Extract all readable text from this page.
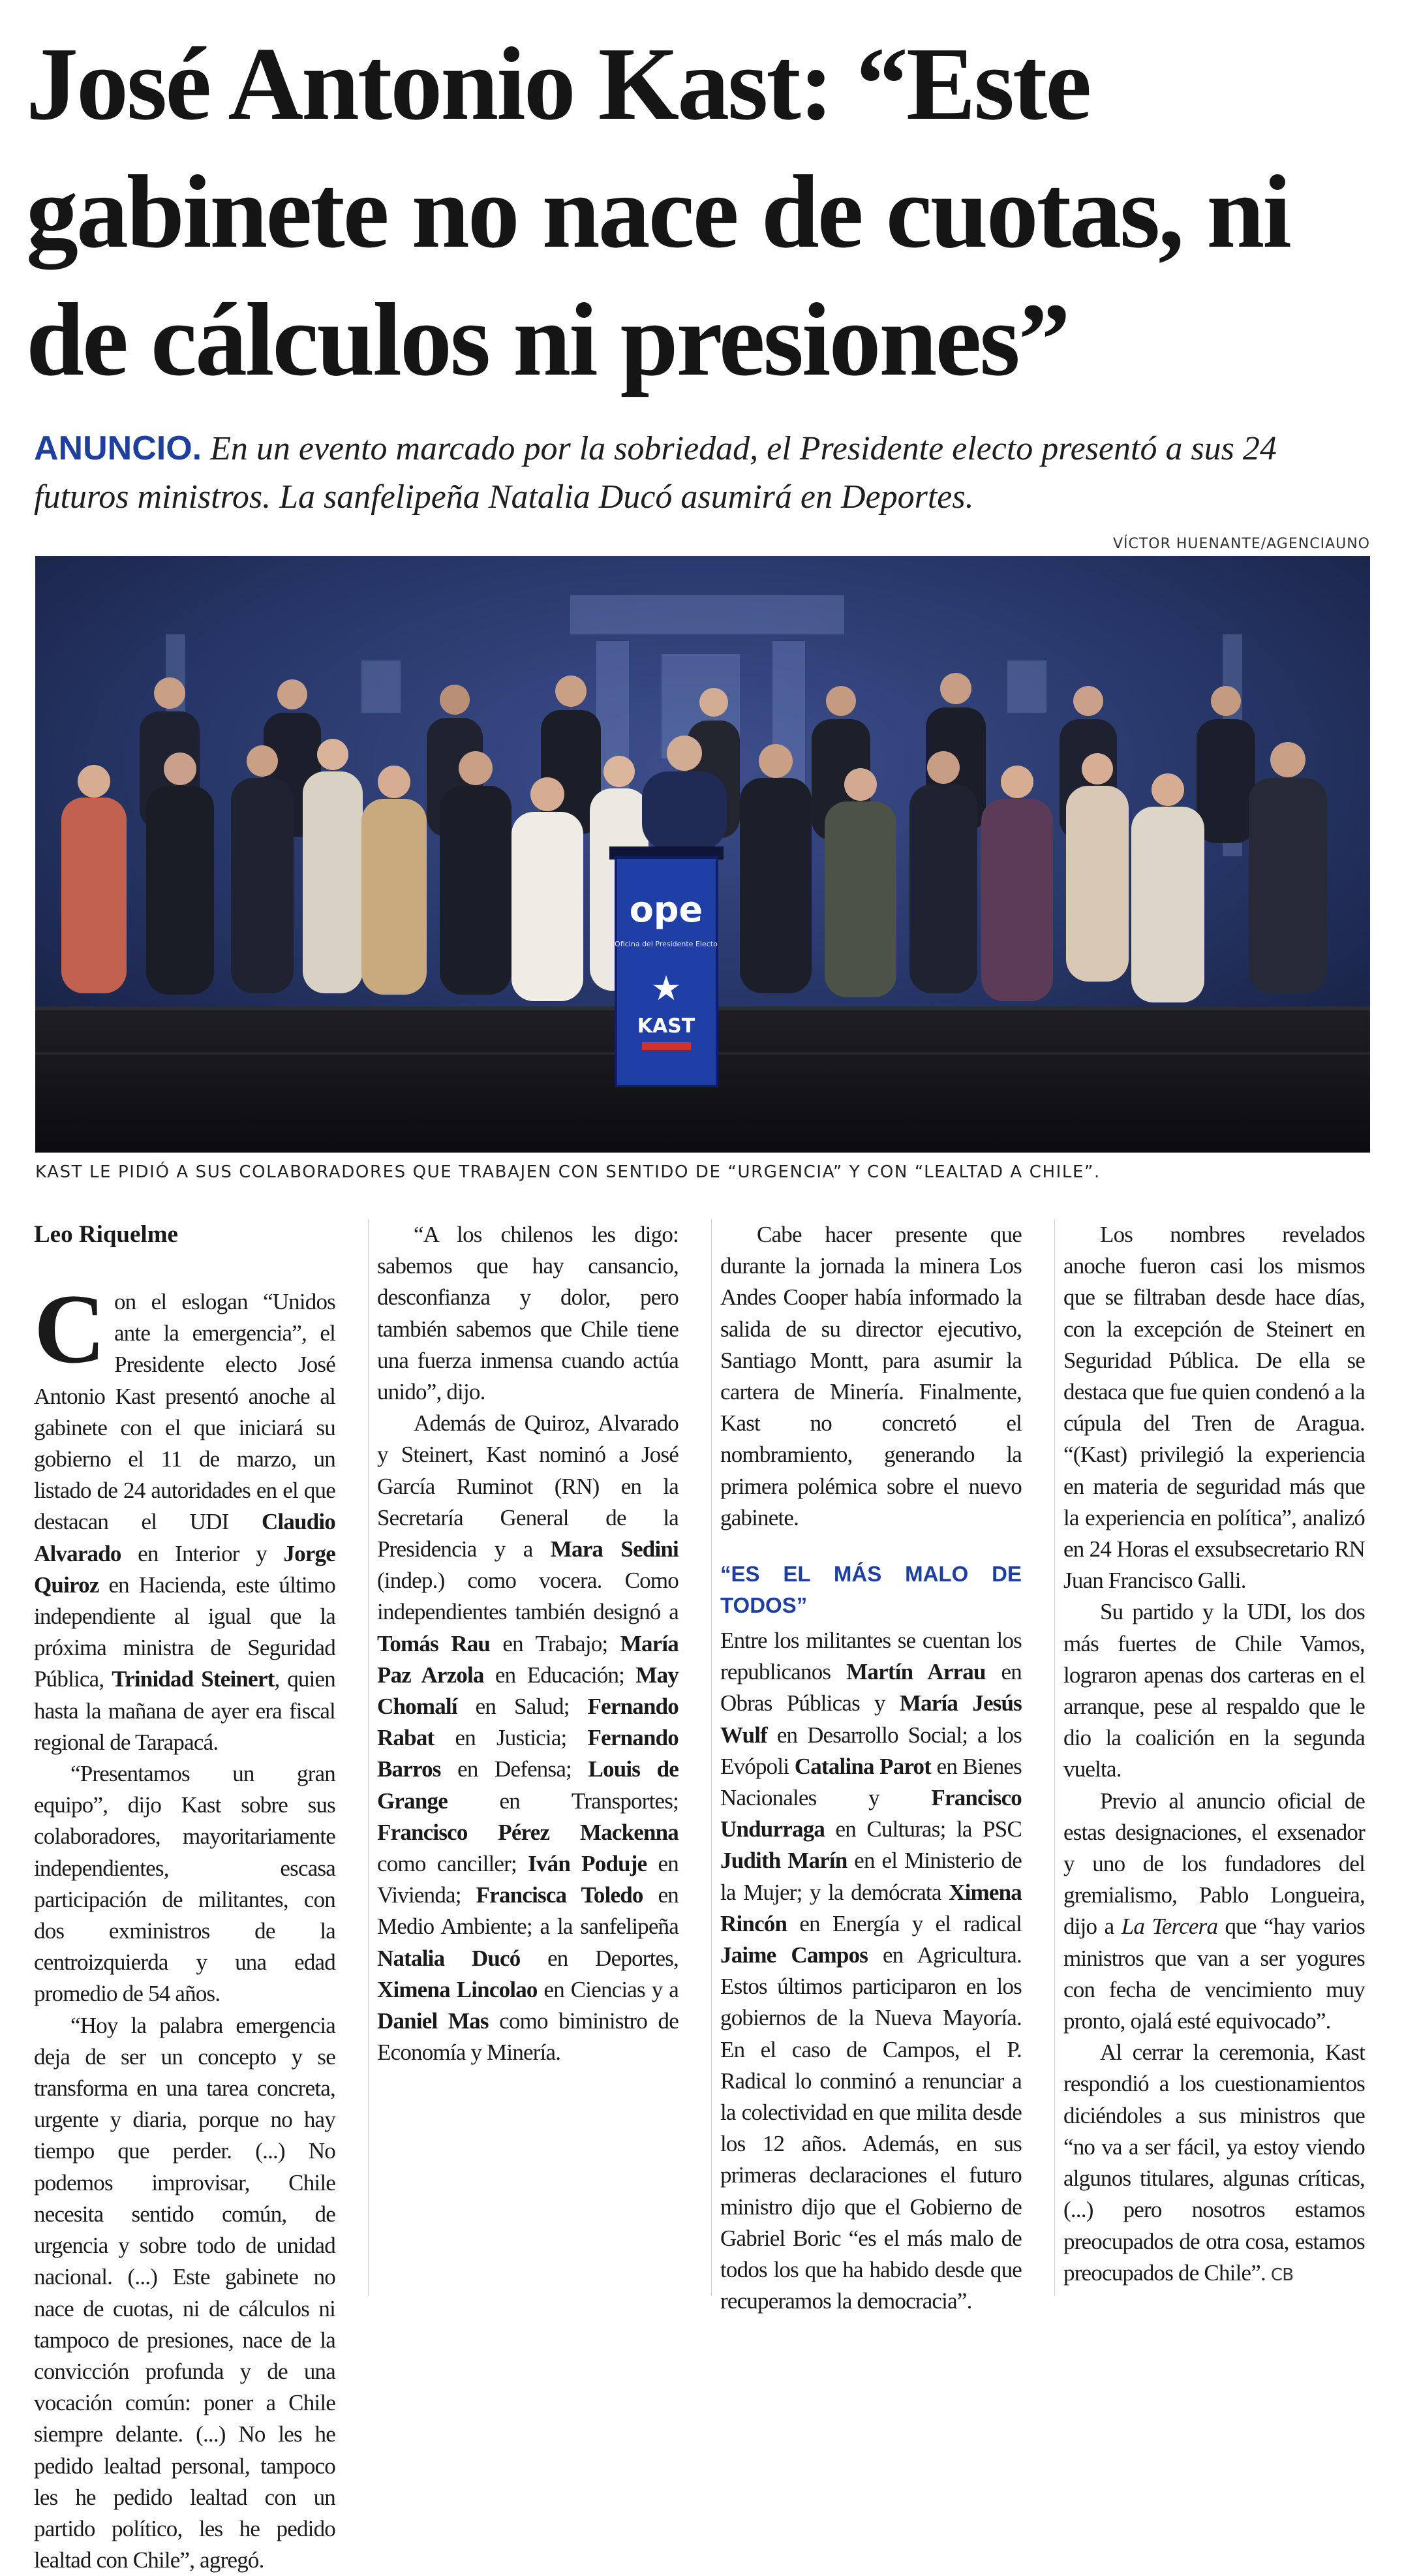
José Antonio Kast: “Este gabinete no nace de cuotas, ni de cálculos ni presiones”

ANUNCIO. En un evento marcado por la sobriedad, el Presidente electo presentó a sus 24 futuros ministros. La sanfelipeña Natalia Ducó asumirá en Deportes.

VÍCTOR HUENANTE/AGENCIAUNO
ope
Oficina del Presidente Electo
★
KAST
KAST LE PIDIÓ A SUS COLABORADORES QUE TRABAJEN CON SENTIDO DE “URGENCIA” Y CON “LEALTAD A CHILE”.

Leo Riquelme

Con el eslogan “Unidos ante la emergencia”, el Presidente electo José Antonio Kast presentó anoche al gabinete con el que iniciará su gobierno el 11 de marzo, un listado de 24 autoridades en el que destacan el UDI Claudio Alvarado en Interior y Jorge Quiroz en Hacienda, este último independiente al igual que la próxima ministra de Seguridad Pública, Trinidad Steinert, quien hasta la mañana de ayer era fiscal regional de Tarapacá.

“Presentamos un gran equipo”, dijo Kast sobre sus colaboradores, mayoritariamente independientes, escasa participación de militantes, con dos exministros de la centroizquierda y una edad promedio de 54 años.

“Hoy la palabra emergencia deja de ser un concepto y se transforma en una tarea concreta, urgente y diaria, porque no hay tiempo que perder. (...) No podemos improvisar, Chile necesita sentido común, de urgencia y sobre todo de unidad nacional. (...) Este gabinete no nace de cuotas, ni de cálculos ni tampoco de presiones, nace de la convicción profunda y de una vocación común: poner a Chile siempre delante. (...) No les he pedido lealtad personal, tampoco les he pedido lealtad con un partido político, les he pedido lealtad con Chile”, agregó.

“A los chilenos les digo: sabemos que hay cansancio, desconfianza y dolor, pero también sabemos que Chile tiene una fuerza inmensa cuando actúa unido”, dijo.

Además de Quiroz, Alvarado y Steinert, Kast nominó a José García Ruminot (RN) en la Secretaría General de la Presidencia y a Mara Sedini (indep.) como vocera. Como independientes también designó a Tomás Rau en Trabajo; María Paz Arzola en Educación; May Chomalí en Salud; Fernando Rabat en Justicia; Fernando Barros en Defensa; Louis de Grange en Transportes; Francisco Pérez Mackenna como canciller; Iván Poduje en Vivienda; Francisca Toledo en Medio Ambiente; a la sanfelipeña Natalia Ducó en Deportes, Ximena Lincolao en Ciencias y a Daniel Mas como biministro de Economía y Minería.

Cabe hacer presente que durante la jornada la minera Los Andes Cooper había informado la salida de su director ejecutivo, Santiago Montt, para asumir la cartera de Minería. Finalmente, Kast no concretó el nombramiento, generando la primera polémica sobre el nuevo gabinete.

“ES EL MÁS MALO DE TODOS”

Entre los militantes se cuentan los republicanos Martín Arrau en Obras Públicas y María Jesús Wulf en Desarrollo Social; a los Evópoli Catalina Parot en Bienes Nacionales y Francisco Undurraga en Culturas; la PSC Judith Marín en el Ministerio de la Mujer; y la demócrata Ximena Rincón en Energía y el radical Jaime Campos en Agricultura. Estos últimos participaron en los gobiernos de la Nueva Mayoría. En el caso de Campos, el P. Radical lo conminó a renunciar a la colectividad en que milita desde los 12 años. Además, en sus primeras declaraciones el futuro ministro dijo que el Gobierno de Gabriel Boric “es el más malo de todos los que ha habido desde que recuperamos la democracia”.

Los nombres revelados anoche fueron casi los mismos que se filtraban desde hace días, con la excepción de Steinert en Seguridad Pública. De ella se destaca que fue quien condenó a la cúpula del Tren de Aragua. “(Kast) privilegió la experiencia en materia de seguridad más que la experiencia en política”, analizó en 24 Horas el exsubsecretario RN Juan Francisco Galli.

Su partido y la UDI, los dos más fuertes de Chile Vamos, lograron apenas dos carteras en el arranque, pese al respaldo que le dio la coalición en la segunda vuelta.

Previo al anuncio oficial de estas designaciones, el exsenador y uno de los fundadores del gremialismo, Pablo Longueira, dijo a La Tercera que “hay varios ministros que van a ser yogures con fecha de vencimiento muy pronto, ojalá esté equivocado”.

Al cerrar la ceremonia, Kast respondió a los cuestionamientos diciéndoles a sus ministros que “no va a ser fácil, ya estoy viendo algunos titulares, algunas críticas, (...) pero nosotros estamos preocupados de otra cosa, estamos preocupados de Chile”. CB
